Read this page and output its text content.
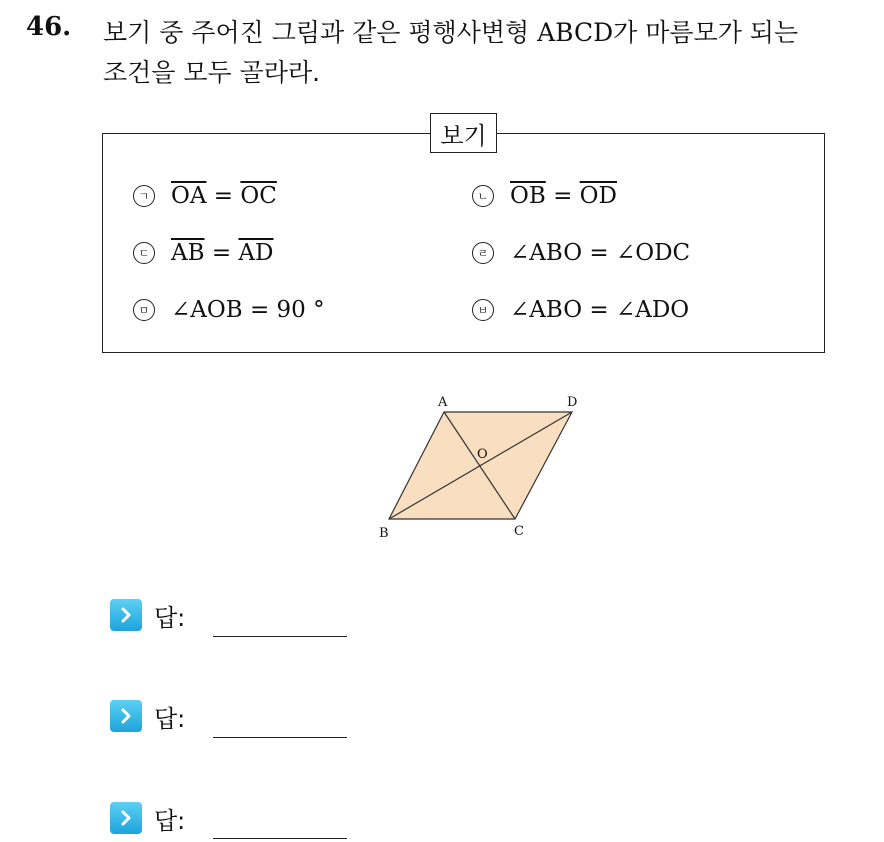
46. 보기 중 주어진 그림과 같은 평행사변형 ABCD가 마름모가 되는
조건을 모두 골라라.
보기
ㄱ $\overline{OA} = \overline{OC}$	ㄴ $\overline{OB} = \overline{OD}$
ㄷ $\overline{AB} = \overline{AD}$	ㄹ ∠ABO = ∠ODC
ㅁ ∠AOB = 90 °	ㅂ ∠ABO = ∠ADO
A	D
O
B	C
답:
답:
답:
